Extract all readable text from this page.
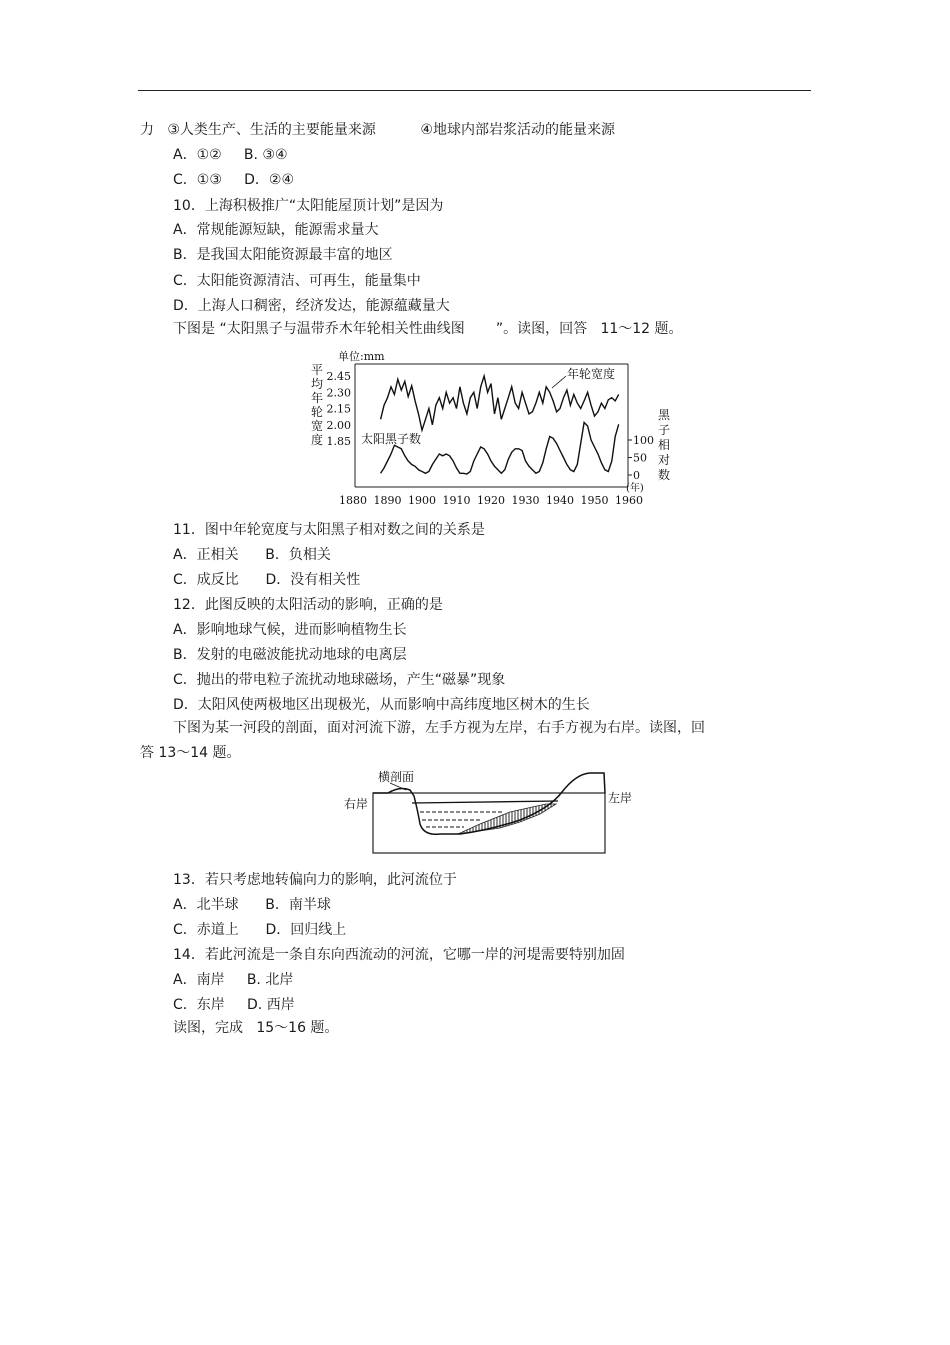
力   ③人类生产、生活的主要能量来源          ④地球内部岩浆活动的能量来源
A．①②     B. ③④
C．①③     D．②④
10．上海积极推广“太阳能屋顶计划”是因为
A．常规能源短缺，能源需求量大
B．是我国太阳能资源最丰富的地区
C．太阳能资源清洁、可再生，能量集中
D．上海人口稠密，经济发达，能源蕴藏量大
下图是 “太阳黑子与温带乔木年轮相关性曲线图       ”。读图，回答   11～12 题。
单位:mm
平
均
年
轮
宽
度
黑
子
相
对
数
2.45
2.30
2.15
2.00
1.85	100
50
0
1880 1890 1900 1910 1920 1930 1940 1950 1960
(年)
年轮宽度
太阳黑子数
11．图中年轮宽度与太阳黑子相对数之间的关系是
A．正相关      B．负相关
C．成反比      D．没有相关性
12．此图反映的太阳活动的影响，正确的是
A．影响地球气候，进而影响植物生长
B．发射的电磁波能扰动地球的电离层
C．抛出的带电粒子流扰动地球磁场，产生“磁暴”现象
D．太阳风使两极地区出现极光，从而影响中高纬度地区树木的生长
下图为某一河段的剖面，面对河流下游，左手方视为左岸，右手方视为右岸。读图，回
答 13～14 题。
横剖面
右岸	左岸
13．若只考虑地转偏向力的影响，此河流位于
A．北半球      B．南半球
C．赤道上      D．回归线上
14．若此河流是一条自东向西流动的河流，它哪一岸的河堤需要特别加固
A．南岸     B. 北岸
C．东岸     D. 西岸
读图，完成   15～16 题。
